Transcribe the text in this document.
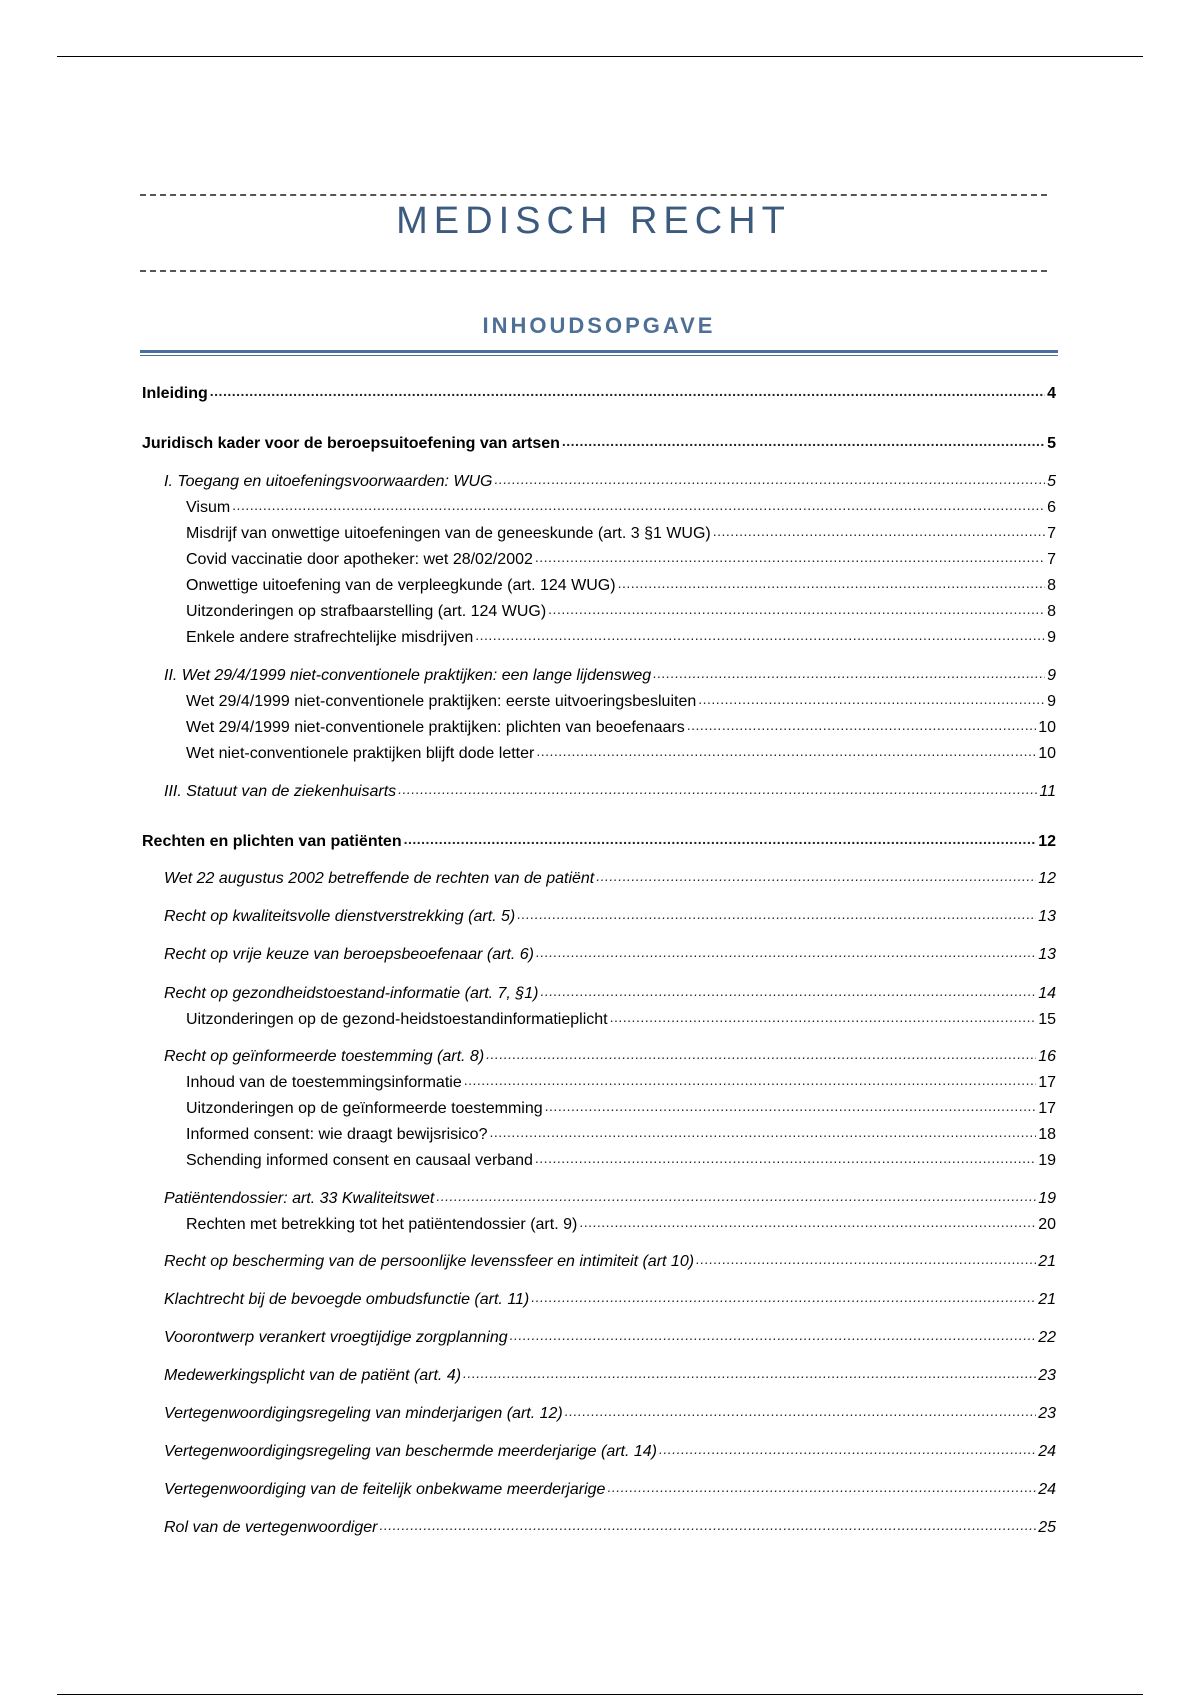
MEDISCH RECHT
INHOUDSOPGAVE
Inleiding .....	4
Juridisch kader voor de beroepsuitoefening van artsen .....	5
I. Toegang en uitoefeningsvoorwaarden: WUG .....	5
Visum .....	6
Misdrijf van onwettige uitoefeningen van de geneeskunde (art. 3 §1 WUG) .....	7
Covid vaccinatie door apotheker: wet 28/02/2002 .....	7
Onwettige uitoefening van de verpleegkunde (art. 124 WUG) .....	8
Uitzonderingen op strafbaarstelling (art. 124 WUG) .....	8
Enkele andere strafrechtelijke misdrijven .....	9
II. Wet 29/4/1999 niet-conventionele praktijken: een lange lijdensweg .....	9
Wet 29/4/1999 niet-conventionele praktijken: eerste uitvoeringsbesluiten .....	9
Wet 29/4/1999 niet-conventionele praktijken: plichten van beoefenaars .....	10
Wet niet-conventionele praktijken blijft dode letter .....	10
III. Statuut van de ziekenhuisarts .....	11
Rechten en plichten van patiënten .....	12
Wet 22 augustus 2002 betreffende de rechten van de patiënt .....	12
Recht op kwaliteitsvolle dienstverstrekking (art. 5) .....	13
Recht op vrije keuze van beroepsbeoefenaar (art. 6) .....	13
Recht op gezondheidstoestand-informatie (art. 7, §1) .....	14
Uitzonderingen op de gezond-heidstoestandinformatieplicht .....	15
Recht op geïnformeerde toestemming (art. 8) .....	16
Inhoud van de toestemmingsinformatie .....	17
Uitzonderingen op de geïnformeerde toestemming .....	17
Informed consent: wie draagt bewijsrisico? .....	18
Schending informed consent en causaal verband .....	19
Patiëntendossier: art. 33 Kwaliteitswet .....	19
Rechten met betrekking tot het patiëntendossier (art. 9) .....	20
Recht op bescherming van de persoonlijke levenssfeer en intimiteit (art 10) .....	21
Klachtrecht bij de bevoegde ombudsfunctie (art. 11) .....	21
Voorontwerp verankert vroegtijdige zorgplanning .....	22
Medewerkingsplicht van de patiënt (art. 4) .....	23
Vertegenwoordigingsregeling van minderjarigen (art. 12) .....	23
Vertegenwoordigingsregeling van beschermde meerderjarige (art. 14) .....	24
Vertegenwoordiging van de feitelijk onbekwame meerderjarige .....	24
Rol van de vertegenwoordiger .....	25
